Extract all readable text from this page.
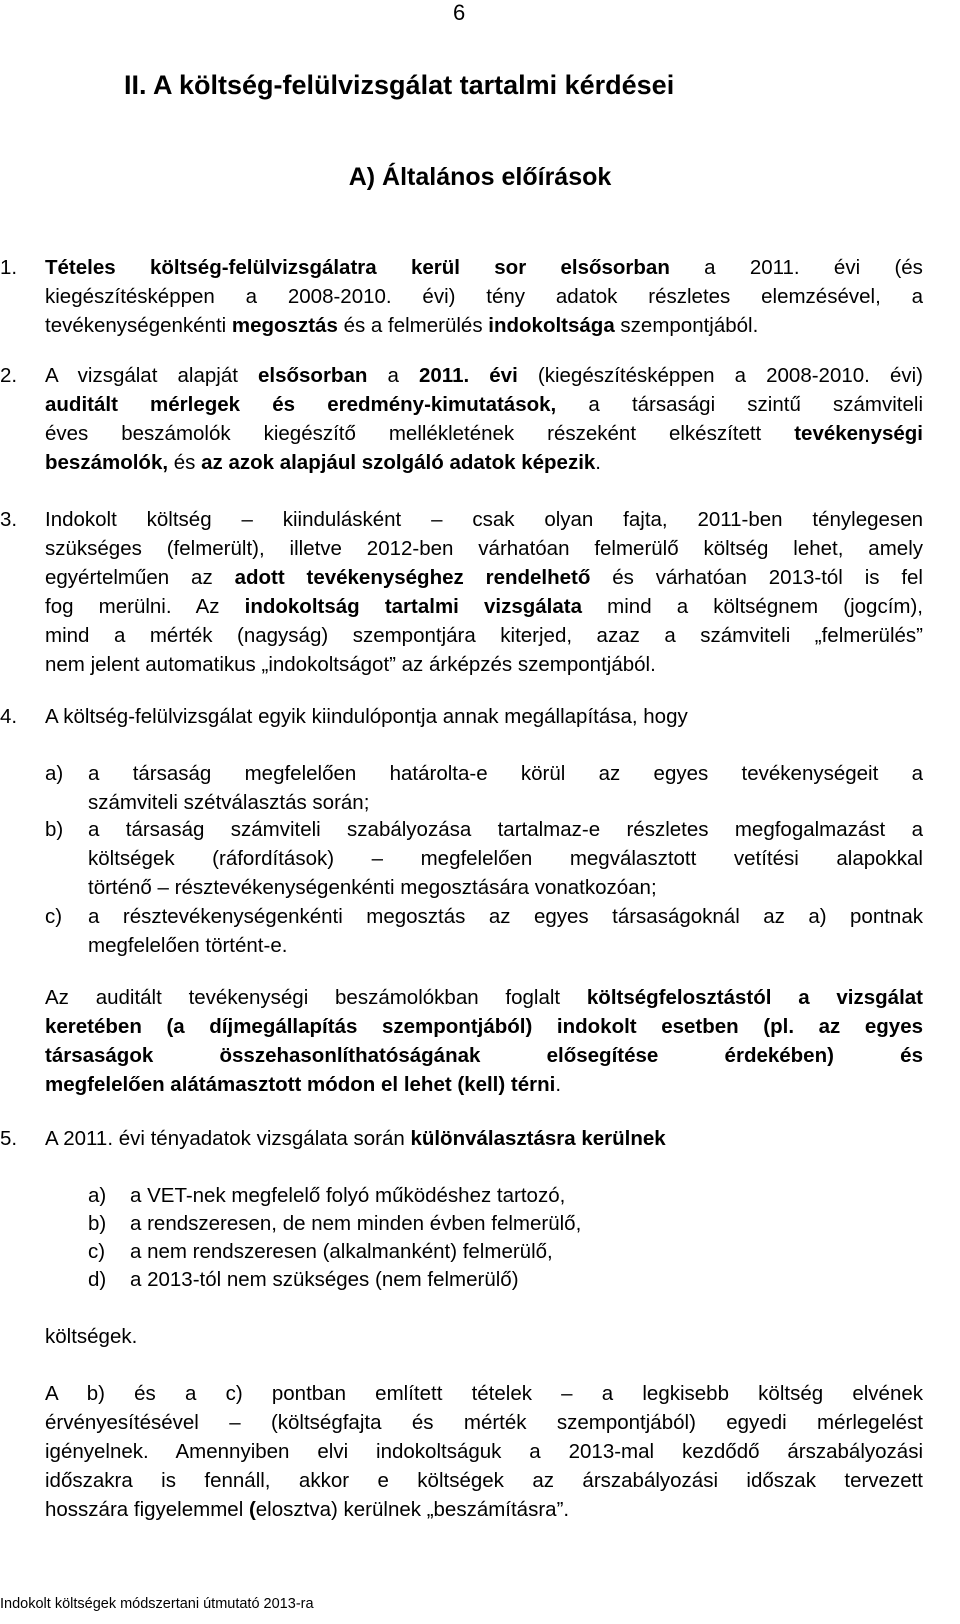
6
II. A költség-felülvizsgálat tartalmi kérdései
A) Általános előírások
1. Tételes költség-felülvizsgálatra kerül sor elsősorban a 2011. évi (és
kiegészítésképpen a 2008-2010. évi) tény adatok részletes elemzésével, a
tevékenységenkénti megosztás és a felmerülés indokoltsága szempontjából.
2. A vizsgálat alapját elsősorban a 2011. évi (kiegészítésképpen a 2008-2010. évi)
auditált mérlegek és eredmény-kimutatások, a társasági szintű számviteli
éves beszámolók kiegészítő mellékletének részeként elkészített tevékenységi
beszámolók, és az azok alapjául szolgáló adatok képezik.
3. Indokolt költség – kiindulásként – csak olyan fajta, 2011-ben ténylegesen
szükséges (felmerült), illetve 2012-ben várhatóan felmerülő költség lehet, amely
egyértelműen az adott tevékenységhez rendelhető és várhatóan 2013-tól is fel
fog merülni. Az indokoltság tartalmi vizsgálata mind a költségnem (jogcím),
mind a mérték (nagyság) szempontjára kiterjed, azaz a számviteli „felmerülés”
nem jelent automatikus „indokoltságot” az árképzés szempontjából.
4. A költség-felülvizsgálat egyik kiindulópontja annak megállapítása, hogy
a) a társaság megfelelően határolta-e körül az egyes tevékenységeit a
számviteli szétválasztás során;
b) a társaság számviteli szabályozása tartalmaz-e részletes megfogalmazást a
költségek (ráfordítások) – megfelelően megválasztott vetítési alapokkal
történő – résztevékenységenkénti megosztására vonatkozóan;
c) a résztevékenységenkénti megosztás az egyes társaságoknál az a) pontnak
megfelelően történt-e.
Az auditált tevékenységi beszámolókban foglalt költségfelosztástól a vizsgálat
keretében (a díjmegállapítás szempontjából) indokolt esetben (pl. az egyes
társaságok összehasonlíthatóságának elősegítése érdekében) és
megfelelően alátámasztott módon el lehet (kell) térni.
5. A 2011. évi tényadatok vizsgálata során különválasztásra kerülnek
a) a VET-nek megfelelő folyó működéshez tartozó,
b) a rendszeresen, de nem minden évben felmerülő,
c) a nem rendszeresen (alkalmanként) felmerülő,
d) a 2013-tól nem szükséges (nem felmerülő)
költségek.
A b) és a c) pontban említett tételek – a legkisebb költség elvének
érvényesítésével – (költségfajta és mérték szempontjából) egyedi mérlegelést
igényelnek. Amennyiben elvi indokoltságuk a 2013-mal kezdődő árszabályozási
időszakra is fennáll, akkor e költségek az árszabályozási időszak tervezett
hosszára figyelemmel (elosztva) kerülnek „beszámításra”.
Indokolt költségek módszertani útmutató 2013-ra
